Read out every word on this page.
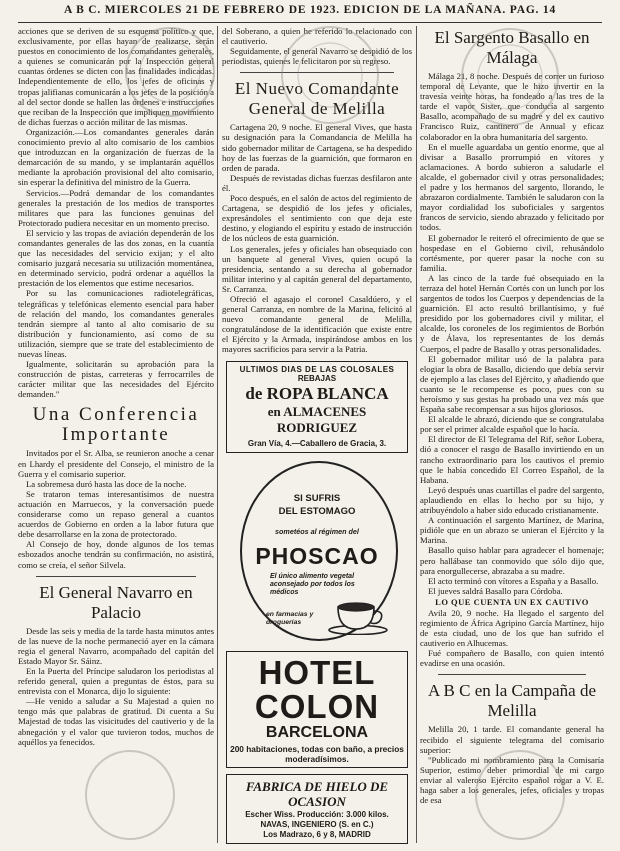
A B C. MIERCOLES 21 DE FEBRERO DE 1923. EDICION DE LA MAÑANA. PAG. 14

acciones que se deriven de su esquema político y que, exclusivamente, por ellas hayan de realizarse, serán puestos en conocimiento de los comandantes generales, a quienes se comunicarán por la Inspección general cuantas órdenes se dicten con las finalidades indicadas. Independientemente de ello, los jefes de oficinas y tropas jalifianas comunicarán a los jefes de la posición a al del sector donde se hallen las órdenes e instrucciones que reciban de la Inspección que impliquen movimiento de dichas fuerzas o acción militar de las mismas.

Organización.—Los comandantes generales darán conocimiento previo al alto comisario de los cambios que introduzcan en la organización de fuerzas de la demarcación de su mando, y se implantarán aquéllos mediante la aprobación provisional del alto comisario, sin esperar la definitiva del ministro de la Guerra.

Servicios.—Podrá demandar de los comandantes generales la prestación de los medios de transportes militares que para las funciones genuinas del Protectorado pudiera necesitar en un momento preciso.

El servicio y las tropas de aviación dependerán de los comandantes generales de las dos zonas, en la cuantía que las necesidades del servicio exijan; y el alto comisario juzgará necesaria su utilización momentánea, en determinado servicio, podrá ordenar a aquéllos la prestación de los elementos que estime necesarios.

Por su las comunicaciones radiotelegráficas, telegráficas y telefónicas elemento esencial para haber de relación del mando, los comandantes generales tendrán siempre al tanto al alto comisario de su distribución y funcionamiento, así como de su utilización, siempre que se trate del establecimiento de nuevas líneas.

Igualmente, solicitarán su aprobación para la construcción de pistas, carreteras y ferrocarriles de carácter militar que las necesidades del Ejército demanden."

Una Conferencia Importante

Invitados por el Sr. Alba, se reunieron anoche a cenar en Lhardy el presidente del Consejo, el ministro de la Guerra y el comisario superior.

La sobremesa duró hasta las doce de la noche.

Se trataron temas interesantísimos de nuestra actuación en Marruecos, y la conversación puede considerarse como un repaso general a cuantos acuerdos de Gobierno en orden a la labor futura que debe desarrollarse en la zona de protectorado.

Al Consejo de hoy, donde algunos de los temas esbozados anoche tendrán su confirmación, no asistirá, como se creía, el señor Silvela.

El General Navarro en Palacio

Desde las seis y media de la tarde hasta minutos antes de las nueve de la noche permaneció ayer en la cámara regia el general Navarro, acompañado del capitán del Estado Mayor Sr. Sáinz.

En la Puerta del Príncipe saludaron los periodistas al referido general, quien a preguntas de éstos, para su entrevista con el Monarca, dijo lo siguiente:

—He venido a saludar a Su Majestad a quien no tengo más que palabras de gratitud. Di cuenta a Su Majestad de todas las visicitudes del cautiverio y de la abnegación y el valor que tuvieron todos, muchos de aquéllos ya fenecidos.

del Soberano, a quien he referido lo relacionado con el cautiverio.

Seguidamente, el general Navarro se despidió de los periodistas, quienes le felicitaron por su regreso.

El Nuevo Comandante General de Melilla

Cartagena 20, 9 noche. El general Vives, que hasta su designación para la Comandancia de Melilla ha sido gobernador militar de Cartagena, se ha despedido hoy de las fuerzas de la guarnición, que formaron en orden de parada.

Después de revistadas dichas fuerzas desfilaron ante él.

Poco después, en el salón de actos del regimiento de Cartagena, se despidió de los jefes y oficiales, expresándoles el sentimiento con que deja este destino, y elogiando el espíritu y estado de instrucción de los núcleos de esta guarnición.

Los generales, jefes y oficiales han obsequiado con un banquete al general Vives, quien ocupó la presidencia, sentando a su derecha al gobernador militar interino y al capitán general del departamento, Sr. Carranza.

Ofreció el agasajo el coronel Casaldúero, y el general Carranza, en nombre de la Marina, felicitó al nuevo comandante general de Melilla, congratulándose de la identificación que existe entre el Ejército y la Armada, inspirándose ambos en los mayores sacrificios para servir a la Patria.

ULTIMOS DIAS DE LAS COLOSALES
REBAJAS
de ROPA BLANCA
en ALMACENES RODRIGUEZ
Gran Vía, 4.—Caballero de Gracia, 3.
SI SUFRIS
DEL ESTOMAGO
sometéos al régimen del
PHOSCAO
El único alimento vegetal aconsejado por todos los médicos
en farmacias y droguerías
HOTEL COLON
BARCELONA
200 habitaciones, todas con baño, a precios
moderadísimos.
FABRICA DE HIELO DE OCASION
Escher Wiss. Producción: 3.000 kilos.
NAVAS, INGENIERO (S. en C.)
Los Madrazo, 6 y 8, MADRID
El Sargento Basallo en Málaga

Málaga 21, 8 noche. Después de correr un furioso temporal de Levante, que le hizo invertir en la travesía veinte horas, ha fondeado a las tres de la tarde el vapor Sister, que conducía al sargento Basallo, acompañado de su madre y del ex cautivo Francisco Ruiz, cantinero de Annual y eficaz colaborador en la obra humanitaria del sargento.

En el muelle aguardaba un gentío enorme, que al divisar a Basallo prorrumpió en vítores y aclamaciones. A bordo subieron a saludarle el alcalde, el gobernador civil y otras personalidades; el padre y los hermanos del sargento, llorando, le abrazaron cordialmente. También le saludaron con la mayor cordialidad los suboficiales y sargentos francos de servicio, siendo abrazado y felicitado por todos.

El gobernador le reiteró el ofrecimiento de que se hospedase en el Gobierno civil, rehusándolo cortésmente, por querer pasar la noche con su familia.

A las cinco de la tarde fué obsequiado en la terraza del hotel Hernán Cortés con un lunch por los sargentos de todos los Cuerpos y dependencias de la guarnición. El acto resultó brillantísimo, y fué presidido por los gobernadores civil y militar, el alcalde, los coroneles de los regimientos de Borbón y de Álava, los representantes de los demás Cuerpos, el padre de Basallo y otras personalidades.

El gobernador militar usó de la palabra para elogiar la obra de Basallo, diciendo que debía servir de ejemplo a las clases del Ejército, y añadiendo que cuanto se le recompense es poco, pues con su heroísmo y sus gestas ha probado una vez más que España sabe recompensar a sus hijos gloriosos.

El alcalde le abrazó, diciendo que se congratulaba por ser el primer alcalde español que lo hacía.

El director de El Telegrama del Rif, señor Lobera, dió a conocer el rasgo de Basallo invirtiendo en un rancho extraordinario para los cautivos el premio que le había concedido El Correo Español, de la Habana.

Leyó después unas cuartillas el padre del sargento, aplaudiendo en ellas lo hecho por su hijo, y atribuyéndolo a haber sido educado cristianamente.

A continuación el sargento Martínez, de Marina, pidióle que en un abrazo se unieran el Ejército y la Marina.

Basallo quiso hablar para agradecer el homenaje; pero hallábase tan conmovido que sólo dijo que, para enorgullecerse, abrazaba a su madre.

El acto terminó con vítores a España y a Basallo.

El jueves saldrá Basallo para Córdoba.

LO QUE CUENTA UN EX CAUTIVO

Avila 20, 9 noche. Ha llegado el sargento del regimiento de África Agripino García Martínez, hijo de esta ciudad, uno de los que han sufrido el cautiverio en Alhucemas.

Fué compañero de Basallo, con quien intentó evadirse en una ocasión.

A B C en la Campaña de Melilla

Melilla 20, 1 tarde. El comandante general ha recibido el siguiente telegrama del comisario superior:

"Publicado mi nombramiento para la Comisaría Superior, estimo deber primordial de mi cargo enviar al valeroso Ejército español rogar a V. E. haga saber a los generales, jefes, oficiales y tropas de esa
